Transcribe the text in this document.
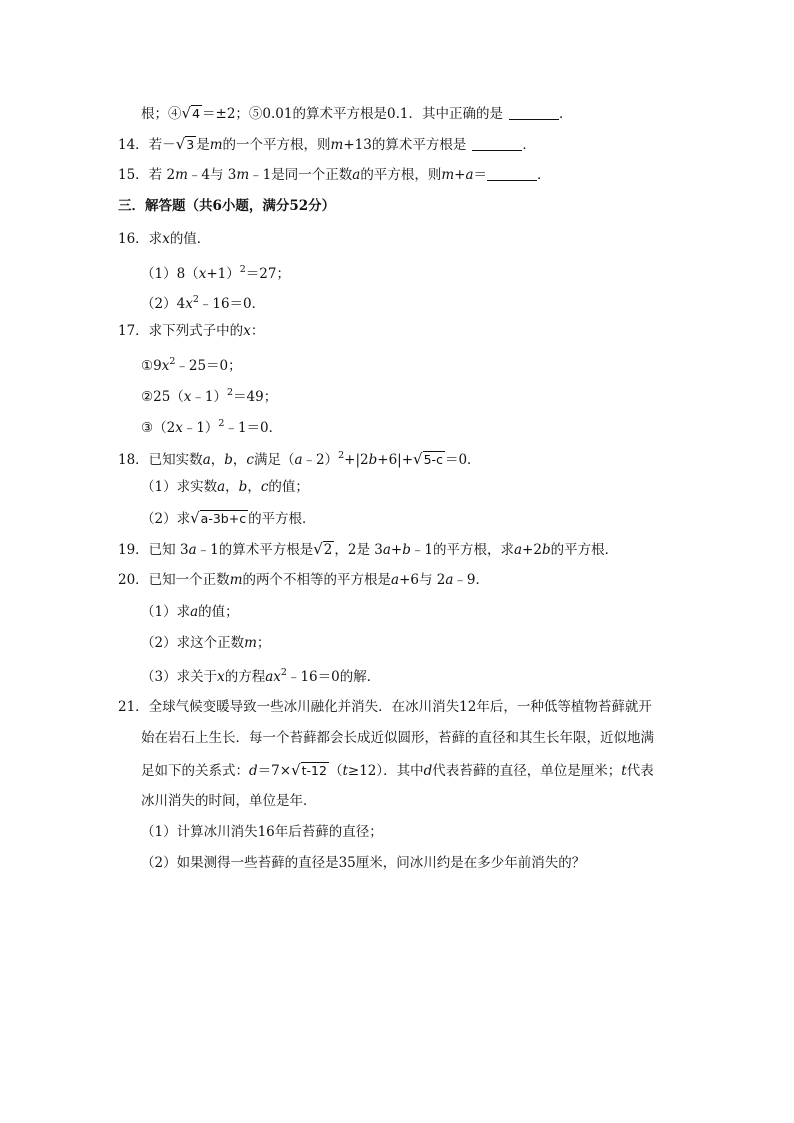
根；④√4 ＝±2；⑤0.01的算术平方根是0.1．其中正确的是	．
14．若－√3 是m的一个平方根，则m+13的算术平方根是	．
15．若 2m﹣4与 3m﹣1是同一个正数a的平方根，则m+a＝	．
三．解答题（共6小题，满分52分）
16．求x的值．
$(1)8(x+1)^2=27$；
$(2)4x^2﹣16=0$．
17．求下列式子中的x：
$①9x^2﹣25=0$；
②25（x﹣1）$^2$＝49；
③（2x﹣1）$^2$﹣1＝0．
18．已知实数a，b，c满足（a﹣2）$^2$+|2b+6|+√5-c ＝0．
（1）求实数a，b，c的值；
（2）求√a-3b+c 的平方根．
19．已知 3a﹣1的算术平方根是√2 ，2是 3a+b﹣1的平方根，求a+2b的平方根．
20．已知一个正数m的两个不相等的平方根是a+6与 2a﹣9．
（1）求a的值；
（2）求这个正数m；
（3）求关于x的方程$ax^2﹣16=0$的解．
21．全球气候变暖导致一些冰川融化并消失．在冰川消失12年后，一种低等植物苔藓就开
始在岩石上生长．每一个苔藓都会长成近似圆形，苔藓的直径和其生长年限，近似地满
足如下的关系式：d＝7×√t-12 （t≥12）．其中d代表苔藓的直径，单位是厘米；t代表
冰川消失的时间，单位是年．
（1）计算冰川消失16年后苔藓的直径；
（2）如果测得一些苔藓的直径是35厘米，问冰川约是在多少年前消失的？
